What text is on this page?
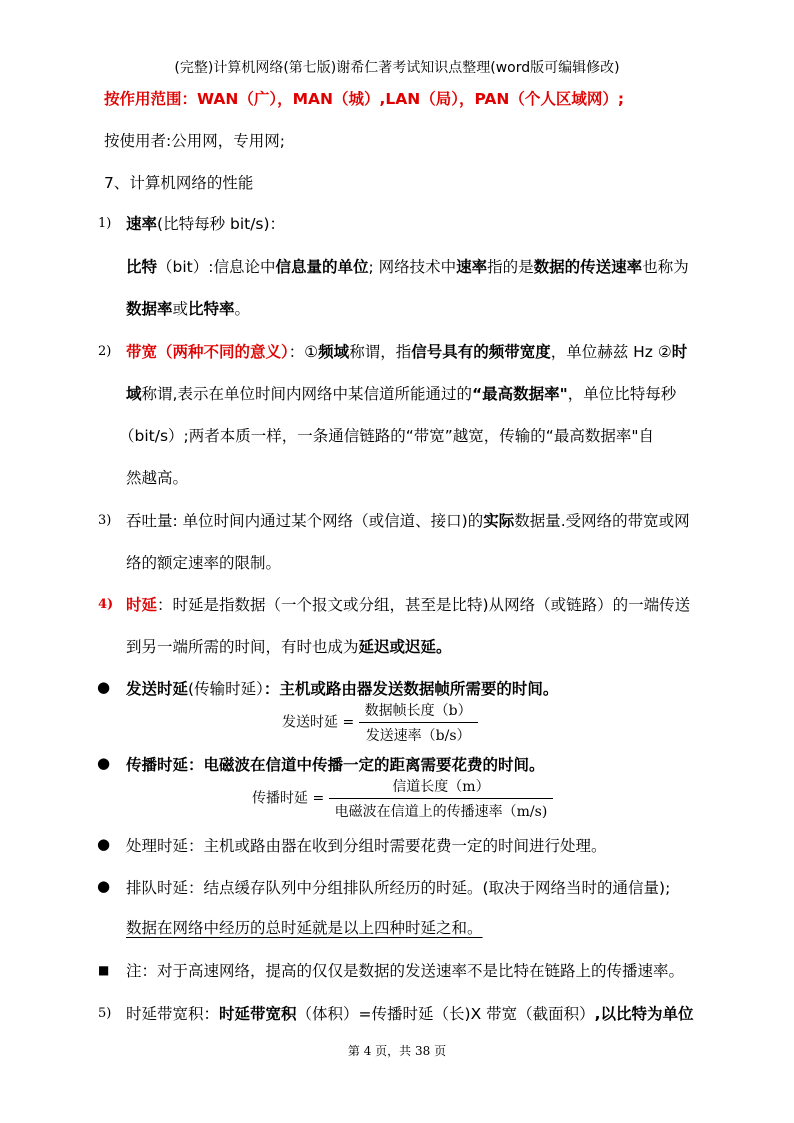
(完整)计算机网络(第七版)谢希仁著考试知识点整理(word版可编辑修改)
按作用范围：WAN（广），MAN（城）,LAN（局），PAN（个人区域网）;
按使用者:公用网，专用网;
7、计算机网络的性能
1) 速率(比特每秒 bit/s)：
比特（bit）:信息论中信息量的单位; 网络技术中速率指的是数据的传送速率也称为
数据率或比特率。
2) 带宽（两种不同的意义）：①频域称谓，指信号具有的频带宽度，单位赫兹 Hz ②时
域称谓,表示在单位时间内网络中某信道所能通过的“最高数据率"，单位比特每秒
（bit/s）;两者本质一样，一条通信链路的“带宽”越宽，传输的“最高数据率"自
然越高。
3) 吞吐量: 单位时间内通过某个网络（或信道、接口)的实际数据量.受网络的带宽或网
络的额定速率的限制。
4) 时延：时延是指数据（一个报文或分组，甚至是比特)从网络（或链路）的一端传送
到另一端所需的时间，有时也成为延迟或迟延。
● 发送时延(传输时延）：主机或路由器发送数据帧所需要的时间。
发送时延 = $\frac{\text{数据帧长度（b）}}{\text{发送速率（b/s）}}$
● 传播时延：电磁波在信道中传播一定的距离需要花费的时间。
传播时延 = $\frac{\text{信道长度（m）}}{\text{电磁波在信道上的传播速率（m/s)}}$
● 处理时延：主机或路由器在收到分组时需要花费一定的时间进行处理。
● 排队时延：结点缓存队列中分组排队所经历的时延。(取决于网络当时的通信量);
数据在网络中经历的总时延就是以上四种时延之和。
■ 注：对于高速网络，提高的仅仅是数据的发送速率不是比特在链路上的传播速率。
5) 时延带宽积：时延带宽积（体积）=传播时延（长)X 带宽（截面积）,以比特为单位
第 4 页，共 38 页
